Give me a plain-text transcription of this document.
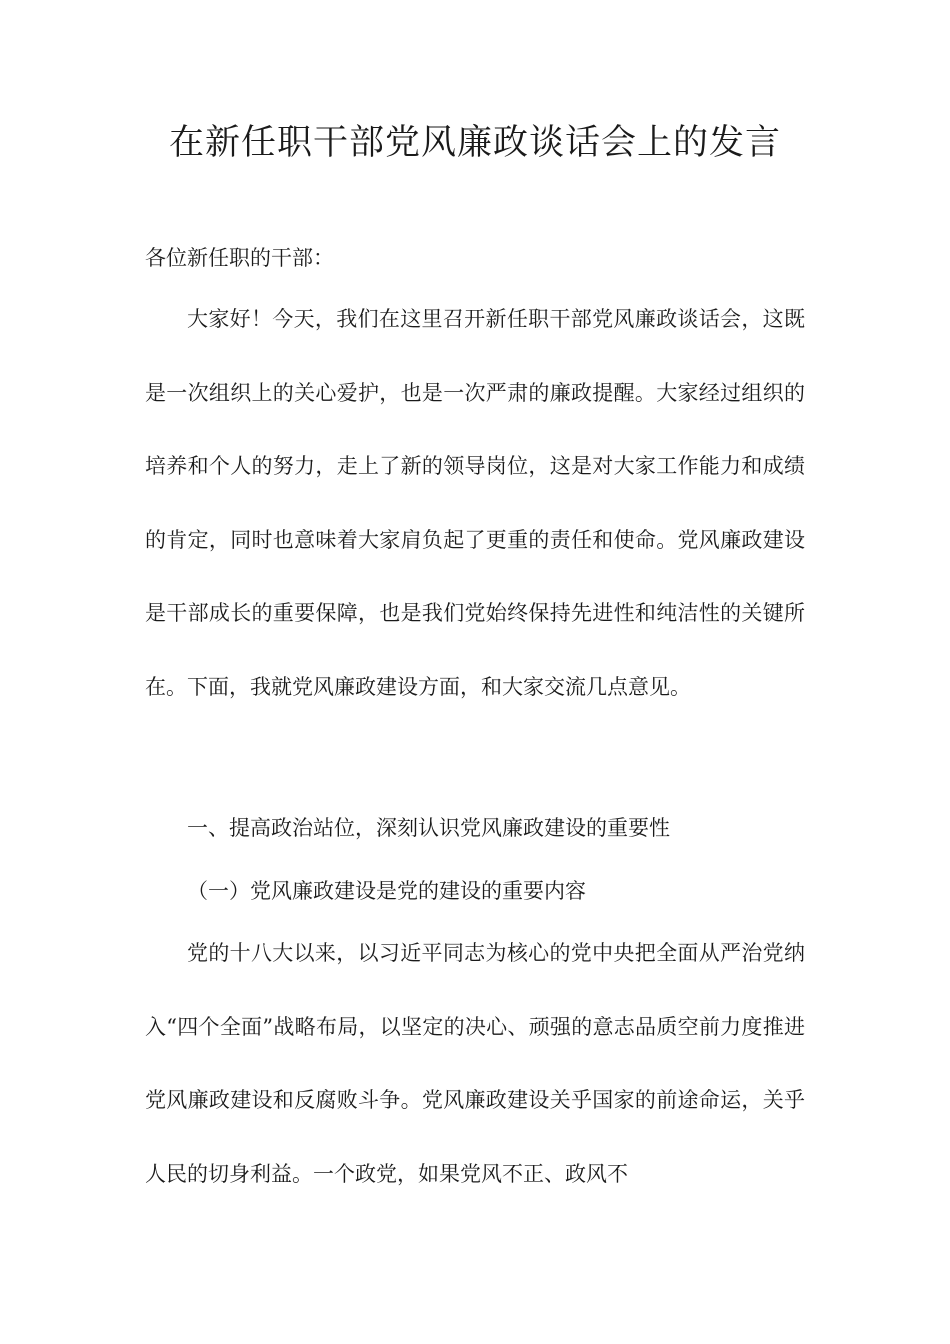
在新任职干部党风廉政谈话会上的发言

各位新任职的干部：

大家好！今天，我们在这里召开新任职干部党风廉政谈话会，这既是一次组织上的关心爱护，也是一次严肃的廉政提醒。大家经过组织的培养和个人的努力，走上了新的领导岗位，这是对大家工作能力和成绩的肯定，同时也意味着大家肩负起了更重的责任和使命。党风廉政建设是干部成长的重要保障，也是我们党始终保持先进性和纯洁性的关键所在。下面，我就党风廉政建设方面，和大家交流几点意见。

一、提高政治站位，深刻认识党风廉政建设的重要性

（一）党风廉政建设是党的建设的重要内容

党的十八大以来，以习近平同志为核心的党中央把全面从严治党纳入“四个全面”战略布局，以坚定的决心、顽强的意志品质空前力度推进党风廉政建设和反腐败斗争。党风廉政建设关乎国家的前途命运，关乎人民的切身利益。一个政党，如果党风不正、政风不
